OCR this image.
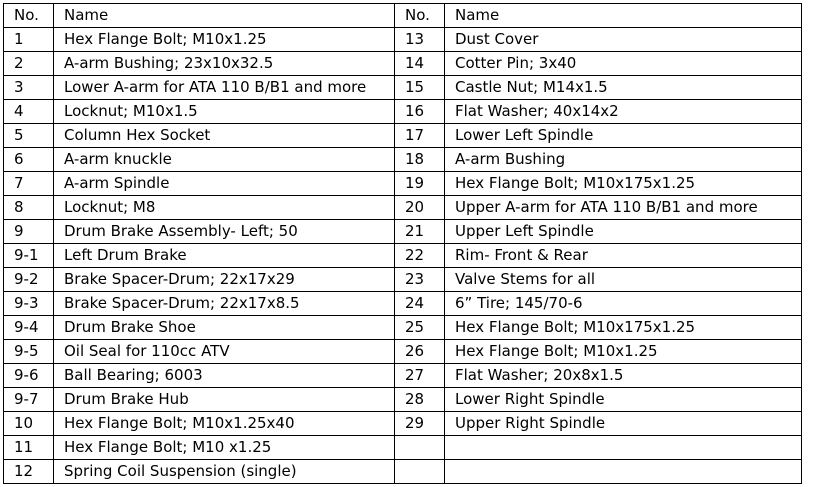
No.	Name	No.	Name
1	Hex Flange Bolt; M10x1.25	13	Dust Cover
2	A-arm Bushing; 23x10x32.5	14	Cotter Pin; 3x40
3	Lower A-arm for ATA 110 B/B1 and more	15	Castle Nut; M14x1.5
4	Locknut; M10x1.5	16	Flat Washer; 40x14x2
5	Column Hex Socket	17	Lower Left Spindle
6	A-arm knuckle	18	A-arm Bushing
7	A-arm Spindle	19	Hex Flange Bolt; M10x175x1.25
8	Locknut; M8	20	Upper A-arm for ATA 110 B/B1 and more
9	Drum Brake Assembly- Left; 50	21	Upper Left Spindle
9-1	Left Drum Brake	22	Rim- Front & Rear
9-2	Brake Spacer-Drum; 22x17x29	23	Valve Stems for all
9-3	Brake Spacer-Drum; 22x17x8.5	24	6” Tire; 145/70-6
9-4	Drum Brake Shoe	25	Hex Flange Bolt; M10x175x1.25
9-5	Oil Seal for 110cc ATV	26	Hex Flange Bolt; M10x1.25
9-6	Ball Bearing; 6003	27	Flat Washer; 20x8x1.5
9-7	Drum Brake Hub	28	Lower Right Spindle
10	Hex Flange Bolt; M10x1.25x40	29	Upper Right Spindle
11	Hex Flange Bolt; M10 x1.25		
12	Spring Coil Suspension (single)		
